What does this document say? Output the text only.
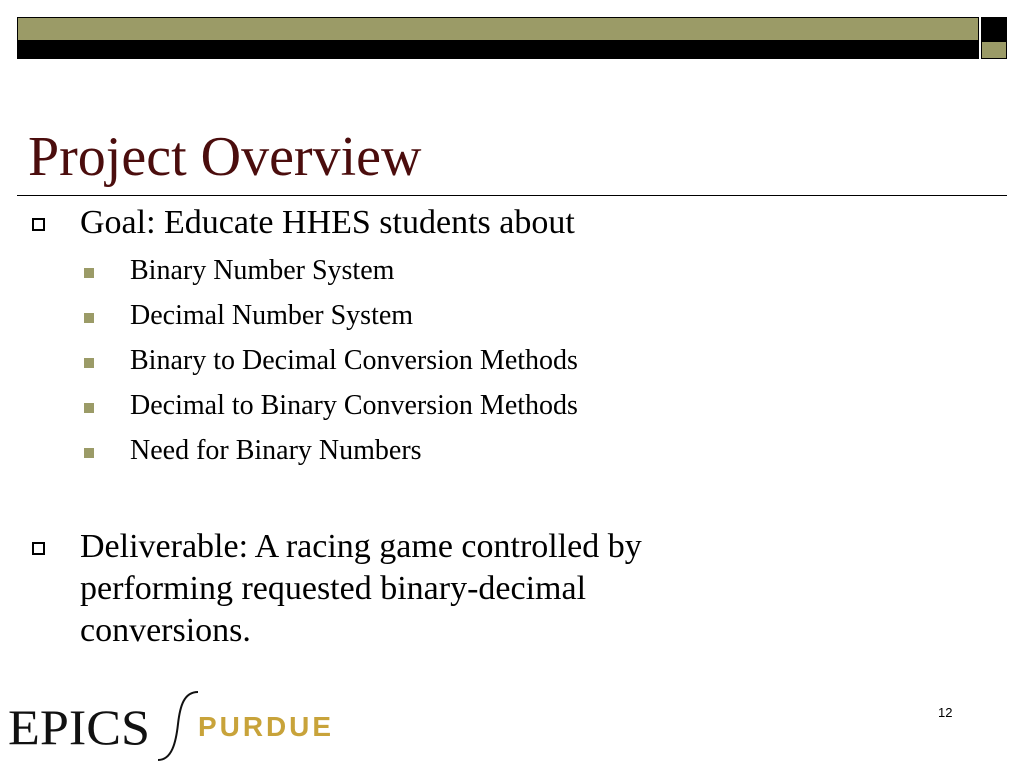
Project Overview

Goal: Educate HHES students about

Binary Number System

Decimal Number System

Binary to Decimal Conversion Methods

Decimal to Binary Conversion Methods

Need for Binary Numbers

Deliverable: A racing game controlled by

performing requested binary-decimal

conversions.

EPICS PURDUE	12
